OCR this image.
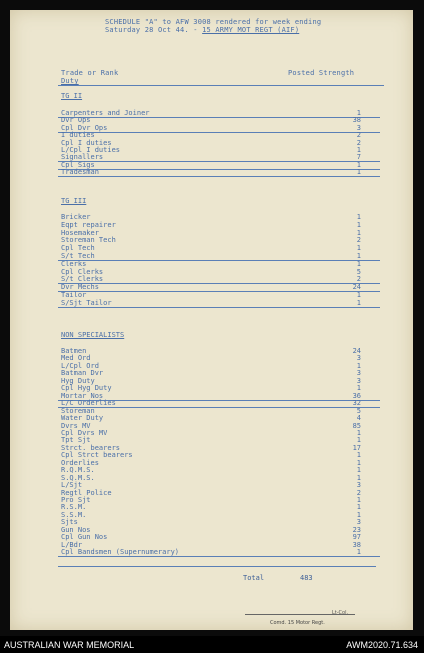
SCHEDULE "A" to AFW 3008 rendered for week ending
Saturday 28 Oct 44. - 15 ARMY MOT REGT (AIF)
Trade or Rank
Duty
Posted Strength
TG II
Carpenters and Joiner	1
Dvr Ops	38
Cpl Dvr Ops	3
I duties	2
Cpl I duties	2
L/Cpl I duties	1
Signallers	7
Cpl Sigs	1
Tradesman	1
TG III
Bricker	1
Eqpt repairer	1
Hosemaker	1
Storeman Tech	2
Cpl Tech	1
S/t Tech	1
Clerks	1
Cpl Clerks	5
S/t Clerks	2
Dvr Mechs	24
Tailor	1
S/Sjt Tailor	1
NON SPECIALISTS
Batmen	24
Med Ord	3
L/Cpl Ord	1
Batman Dvr	3
Hyg Duty	3
Cpl Hyg Duty	1
Mortar Nos	36
L/C Orderlies	32
Storeman	5
Water Duty	4
Dvrs MV	85
Cpl Dvrs MV	1
Tpt Sjt	1
Strct. bearers	17
Cpl Strct bearers	1
Orderlies	1
R.Q.M.S.	1
S.Q.M.S.	1
L/Sjt	3
Regtl Police	2
Pro Sjt	1
R.S.M.	1
S.S.M.	1
Sjts	3
Gun Nos	23
Cpl Gun Nos	97
L/Bdr	38
Cpl Bandsmen (Supernumerary)	1
Total	483
Lt-Col.
Comd. 15 Motor Regt.
AUSTRALIAN WAR MEMORIAL	AWM2020.71.634
